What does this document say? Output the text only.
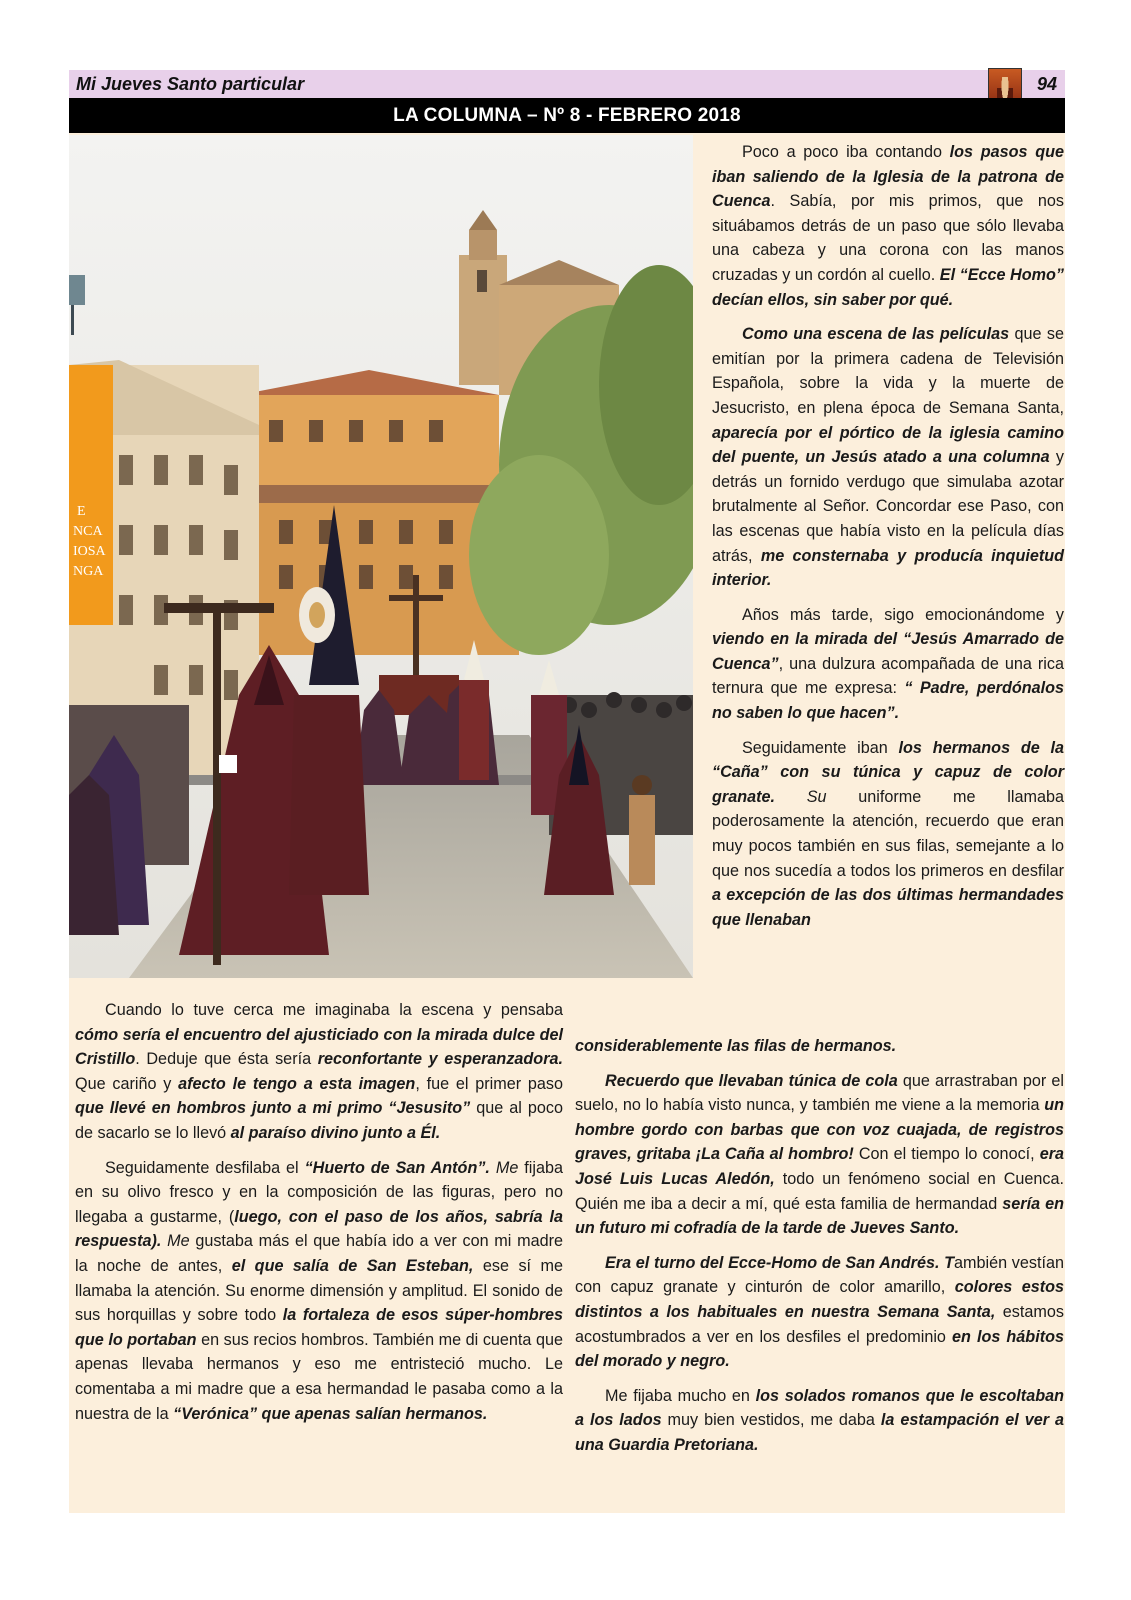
Mi Jueves Santo particular	94
LA COLUMNA – Nº 8 - FEBRERO 2018
E
NCA
IOSA
NGA

Poco a poco iba contando los pasos que iban saliendo de la Iglesia de la patrona de Cuenca. Sabía, por mis primos, que nos situábamos detrás de un paso que sólo llevaba una cabeza y una corona con las manos cruzadas y un cordón al cuello. El “Ecce Homo” decían ellos, sin saber por qué.

Como una escena de las películas que se emitían por la primera cadena de Televisión Española, sobre la vida y la muerte de Jesucristo, en plena época de Semana Santa, aparecía por el pórtico de la iglesia camino del puente, un Jesús atado a una columna y detrás un fornido verdugo que simulaba azotar brutalmente al Señor. Concordar ese Paso, con las escenas que había visto en la película días atrás, me consternaba y producía inquietud interior.

Años más tarde, sigo emocionándome y viendo en la mirada del “Jesús Amarrado de Cuenca”, una dulzura acompañada de una rica ternura que me expresa: “ Padre, perdónalos no saben lo que hacen”.

Seguidamente iban los hermanos de la “Caña” con su túnica y capuz de color granate. Su uniforme me llamaba poderosamente la atención, recuerdo que eran muy pocos también en sus filas, semejante a lo que nos sucedía a todos los primeros en desfilar a excepción de las dos últimas hermandades que llenaban

Cuando lo tuve cerca me imaginaba la escena y pensaba cómo sería el encuentro del ajusticiado con la mirada dulce del Cristillo. Deduje que ésta sería reconfortante y esperanzadora. Que cariño y afecto le tengo a esta imagen, fue el primer paso que llevé en hombros junto a mi primo “Jesusito” que al poco de sacarlo se lo llevó al paraíso divino junto a Él.

Seguidamente desfilaba el “Huerto de San Antón”. Me fijaba en su olivo fresco y en la composición de las figuras, pero no llegaba a gustarme, (luego, con el paso de los años, sabría la respuesta). Me gustaba más el que había ido a ver con mi madre la noche de antes, el que salía de San Esteban, ese sí me llamaba la atención. Su enorme dimensión y amplitud. El sonido de sus horquillas y sobre todo la fortaleza de esos súper-hombres que lo portaban en sus recios hombros. También me di cuenta que apenas llevaba hermanos y eso me entristeció mucho. Le comentaba a mi madre que a esa hermandad le pasaba como a la nuestra de la “Verónica” que apenas salían hermanos.

considerablemente las filas de hermanos.

Recuerdo que llevaban túnica de cola que arrastraban por el suelo, no lo había visto nunca, y también me viene a la memoria un hombre gordo con barbas que con voz cuajada, de registros graves, gritaba ¡La Caña al hombro! Con el tiempo lo conocí, era José Luis Lucas Aledón, todo un fenómeno social en Cuenca. Quién me iba a decir a mí, qué esta familia de hermandad sería en un futuro mi cofradía de la tarde de Jueves Santo.

Era el turno del Ecce-Homo de San Andrés. También vestían con capuz granate y cinturón de color amarillo, colores estos distintos a los habituales en nuestra Semana Santa, estamos acostumbrados a ver en los desfiles el predominio en los hábitos del morado y negro.

Me fijaba mucho en los solados romanos que le escoltaban a los lados muy bien vestidos, me daba la estampación el ver a una Guardia Pretoriana.
